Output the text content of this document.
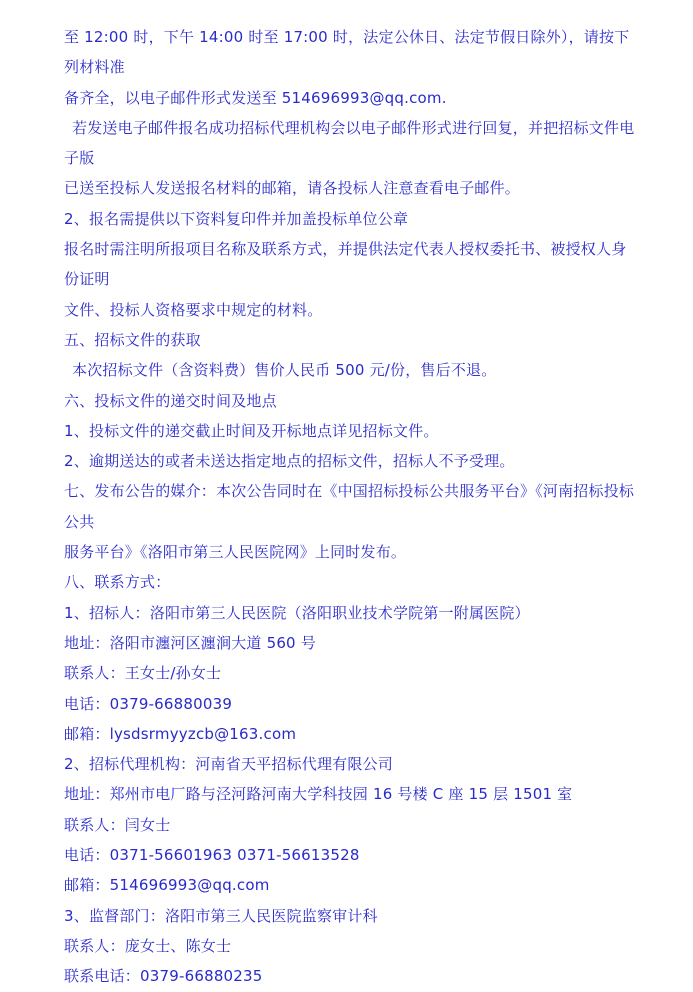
至 12:00 时，下午 14:00 时至 17:00 时，法定公休日、法定节假日除外），请按下列材料准
备齐全，以电子邮件形式发送至 514696993@qq.com.
若发送电子邮件报名成功招标代理机构会以电子邮件形式进行回复，并把招标文件电子版
已送至投标人发送报名材料的邮箱，请各投标人注意查看电子邮件。
2、报名需提供以下资料复印件并加盖投标单位公章
报名时需注明所报项目名称及联系方式，并提供法定代表人授权委托书、被授权人身份证明
文件、投标人资格要求中规定的材料。
五、招标文件的获取
本次招标文件（含资料费）售价人民币 500 元/份，售后不退。
六、投标文件的递交时间及地点
1、投标文件的递交截止时间及开标地点详见招标文件。
2、逾期送达的或者未送达指定地点的招标文件，招标人不予受理。
七、发布公告的媒介：本次公告同时在《中国招标投标公共服务平台》《河南招标投标公共
服务平台》《洛阳市第三人民医院网》上同时发布。
八、联系方式：
1、招标人：洛阳市第三人民医院（洛阳职业技术学院第一附属医院）
地址：洛阳市瀍河区瀍涧大道 560 号
联系人：王女士/孙女士
电话：0379-66880039
邮箱：lysdsrmyyzcb@163.com
2、招标代理机构：河南省天平招标代理有限公司
地址：郑州市电厂路与泾河路河南大学科技园 16 号楼 C 座 15 层 1501 室
联系人：闫女士
电话：0371-56601963 0371-56613528
邮箱：514696993@qq.com
3、监督部门：洛阳市第三人民医院监察审计科
联系人：庞女士、陈女士
联系电话：0379-66880235
